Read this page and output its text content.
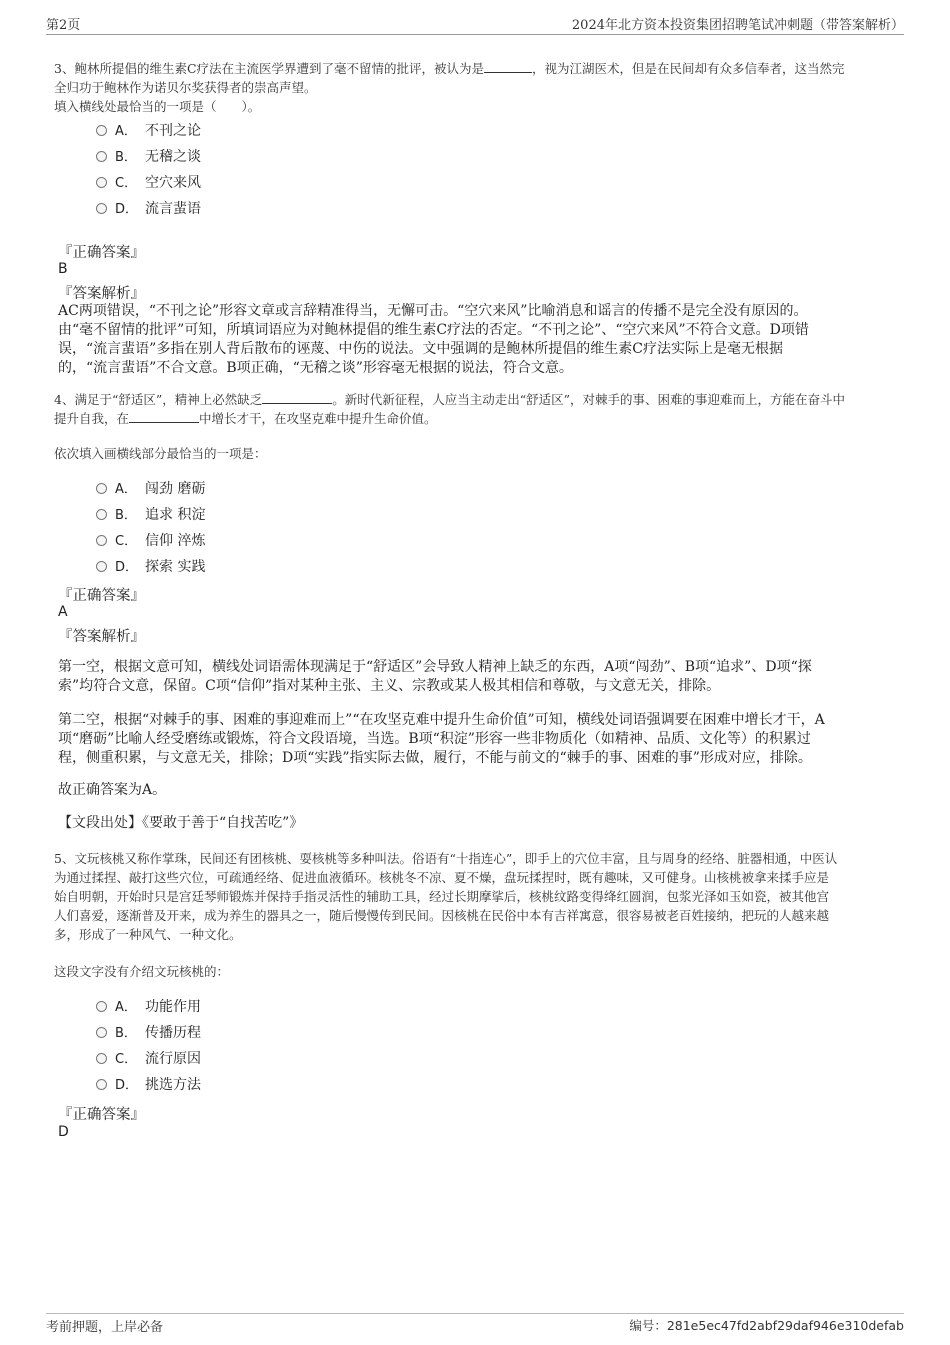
第2页	2024年北方资本投资集团招聘笔试冲刺题（带答案解析）
3、鲍林所提倡的维生素C疗法在主流医学界遭到了毫不留情的批评，被认为是	，视为江湖医术，但是在民间却有众多信奉者，这当然完
全归功于鲍林作为诺贝尔奖获得者的崇高声望。
填入横线处最恰当的一项是（　　）。
A． 不刊之论
B． 无稽之谈
C． 空穴来风
D． 流言蜚语
『正确答案』
B
『答案解析』
AC两项错误，“不刊之论”形容文章或言辞精准得当，无懈可击。“空穴来风”比喻消息和谣言的传播不是完全没有原因的。
由“毫不留情的批评”可知，所填词语应为对鲍林提倡的维生素C疗法的否定。“不刊之论”、“空穴来风”不符合文意。D项错
误，“流言蜚语”多指在别人背后散布的诬蔑、中伤的说法。文中强调的是鲍林所提倡的维生素C疗法实际上是毫无根据
的，“流言蜚语”不合文意。B项正确，“无稽之谈”形容毫无根据的说法，符合文意。
4、满足于“舒适区”，精神上必然缺乏	。新时代新征程，人应当主动走出“舒适区”，对棘手的事、困难的事迎难而上，方能在奋斗中
提升自我，在	中增长才干，在攻坚克难中提升生命价值。
依次填入画横线部分最恰当的一项是：
A． 闯劲 磨砺
B． 追求 积淀
C． 信仰 淬炼
D． 探索 实践
『正确答案』
A
『答案解析』
第一空，根据文意可知，横线处词语需体现满足于“舒适区”会导致人精神上缺乏的东西，A项“闯劲”、B项“追求”、D项“探
索”均符合文意，保留。C项“信仰”指对某种主张、主义、宗教或某人极其相信和尊敬，与文意无关，排除。
第二空，根据“对棘手的事、困难的事迎难而上”“在攻坚克难中提升生命价值”可知，横线处词语强调要在困难中增长才干，A
项“磨砺”比喻人经受磨练或锻炼，符合文段语境，当选。B项“积淀”形容一些非物质化（如精神、品质、文化等）的积累过
程，侧重积累，与文意无关，排除；D项“实践”指实际去做，履行，不能与前文的“棘手的事、困难的事”形成对应，排除。
故正确答案为A。
【文段出处】《要敢于善于“自找苦吃”》
5、文玩核桃又称作掌珠，民间还有团核桃、耍核桃等多种叫法。俗语有“十指连心”，即手上的穴位丰富，且与周身的经络、脏器相通，中医认
为通过揉捏、敲打这些穴位，可疏通经络、促进血液循环。核桃冬不凉、夏不燥，盘玩揉捏时，既有趣味，又可健身。山核桃被拿来揉手应是
始自明朝，开始时只是宫廷琴师锻炼并保持手指灵活性的辅助工具，经过长期摩挲后，核桃纹路变得绛红圆润，包浆光泽如玉如瓷，被其他宫
人们喜爱，逐渐普及开来，成为养生的器具之一，随后慢慢传到民间。因核桃在民俗中本有吉祥寓意，很容易被老百姓接纳，把玩的人越来越
多，形成了一种风气、一种文化。
这段文字没有介绍文玩核桃的：
A． 功能作用
B． 传播历程
C． 流行原因
D． 挑选方法
『正确答案』
D
考前押题，上岸必备	编号：281e5ec47fd2abf29daf946e310defab
